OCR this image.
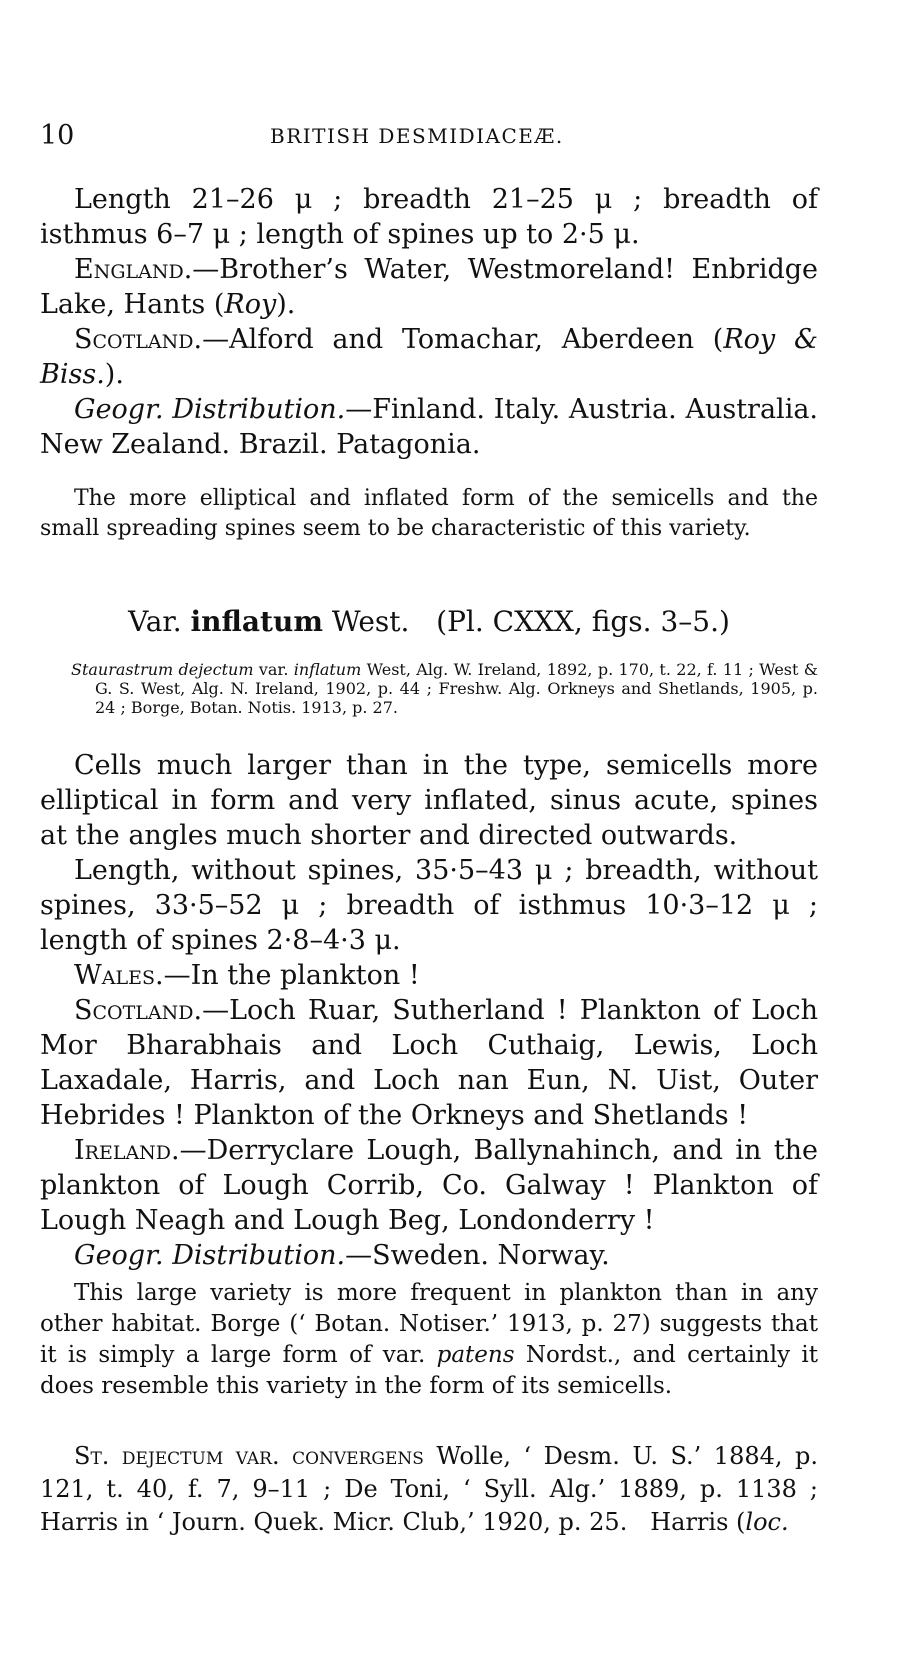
10	BRITISH DESMIDIACEÆ.

Length 21–26 μ ; breadth 21–25 μ ; breadth of isthmus 6–7 μ ; length of spines up to 2·5 μ.

England.—Brother’s Water, Westmoreland! Enbridge Lake, Hants (Roy).

Scotland.—Alford and Tomachar, Aberdeen (Roy & Biss.).

Geogr. Distribution.—Finland. Italy. Austria. Australia. New Zealand. Brazil. Patagonia.

The more elliptical and inflated form of the semicells and the small spreading spines seem to be characteristic of this variety.

Var. inflatum West.   (Pl. CXXX, figs. 3–5.)
Staurastrum dejectum var. inflatum West, Alg. W. Ireland, 1892, p. 170, t. 22, f. 11 ; West & G. S. West, Alg. N. Ireland, 1902, p. 44 ; Freshw. Alg. Orkneys and Shetlands, 1905, p. 24 ; Borge, Botan. Notis. 1913, p. 27.

Cells much larger than in the type, semicells more elliptical in form and very inflated, sinus acute, spines at the angles much shorter and directed outwards.

Length, without spines, 35·5–43 μ ; breadth, without spines, 33·5–52 μ ; breadth of isthmus 10·3–12 μ ; length of spines 2·8–4·3 μ.

Wales.—In the plankton !

Scotland.—Loch Ruar, Sutherland ! Plankton of Loch Mor Bharabhais and Loch Cuthaig, Lewis, Loch Laxadale, Harris, and Loch nan Eun, N. Uist, Outer Hebrides ! Plankton of the Orkneys and Shetlands !

Ireland.—Derryclare Lough, Ballynahinch, and in the plankton of Lough Corrib, Co. Galway ! Plankton of Lough Neagh and Lough Beg, Londonderry !

Geogr. Distribution.—Sweden. Norway.

This large variety is more frequent in plankton than in any other habitat. Borge (‘ Botan. Notiser.’ 1913, p. 27) suggests that it is simply a large form of var. patens Nordst., and certainly it does resemble this variety in the form of its semicells.

St. dejectum var. convergens Wolle, ‘ Desm. U. S.’ 1884, p. 121, t. 40, f. 7, 9–11 ; De Toni, ‘ Syll. Alg.’ 1889, p. 1138 ; Harris in ‘ Journ. Quek. Micr. Club,’ 1920, p. 25.   Harris (loc.
